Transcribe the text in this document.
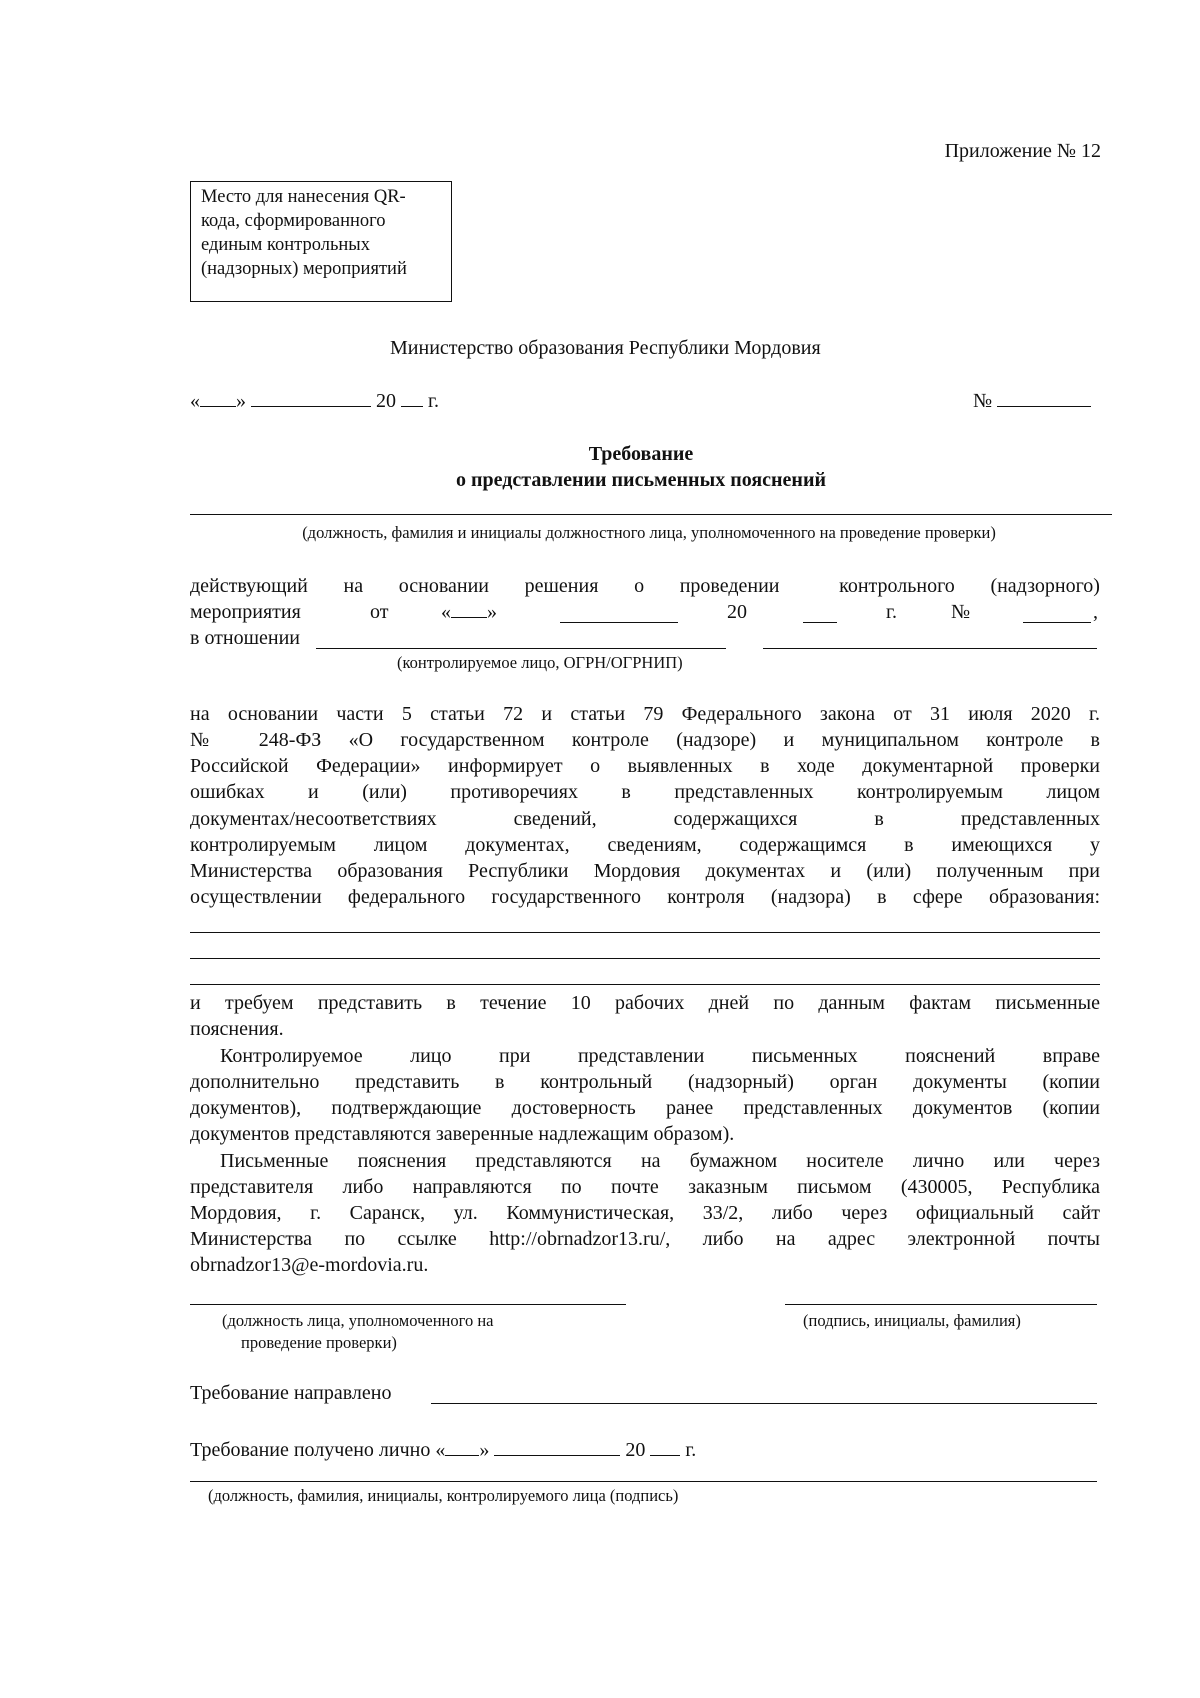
Приложение № 12
Место для нанесения QR-
кода, сформированного
единым контрольных
(надзорных) мероприятий
Министерство образования Республики Мордовия
« »	20 г.	№
Требование
о представлении письменных пояснений
(должность, фамилия и инициалы должностного лица, уполномоченного на проведение проверки)
действующий на основании решения о проведении	контрольного (надзорного)
мероприятия	от	« »	20	г.	№	,
в отношении
(контролируемое лицо, ОГРН/ОГРНИП)
на основании части 5 статьи 72 и статьи 79 Федерального закона от 31 июля 2020 г.
№ 248-ФЗ «О государственном контроле (надзоре) и муниципальном контроле в
Российской Федерации» информирует о выявленных в ходе документарной проверки
ошибках и (или) противоречиях в представленных контролируемым лицом
документах/несоответствиях сведений, содержащихся в представленных
контролируемым лицом документах, сведениям, содержащимся в имеющихся у
Министерства образования Республики Мордовия документах и (или) полученным при
осуществлении федерального государственного контроля (надзора) в сфере образования:
и требуем представить в течение 10 рабочих дней по данным фактам письменные
пояснения.
Контролируемое лицо при представлении письменных пояснений вправе
дополнительно представить в контрольный (надзорный) орган документы (копии
документов), подтверждающие достоверность ранее представленных документов (копии
документов представляются заверенные надлежащим образом).
Письменные пояснения представляются на бумажном носителе лично или через
представителя либо направляются по почте заказным письмом (430005, Республика
Мордовия, г. Саранск, ул. Коммунистическая, 33/2, либо через официальный сайт
Министерства по ссылке http://obrnadzor13.ru/, либо на адрес электронной почты
obrnadzor13@e-mordovia.ru.
(должность лица, уполномоченного на
проведение проверки)
(подпись, инициалы, фамилия)
Требование направлено
Требование получено лично « »	20 г.
(должность, фамилия, инициалы, контролируемого лица (подпись)
